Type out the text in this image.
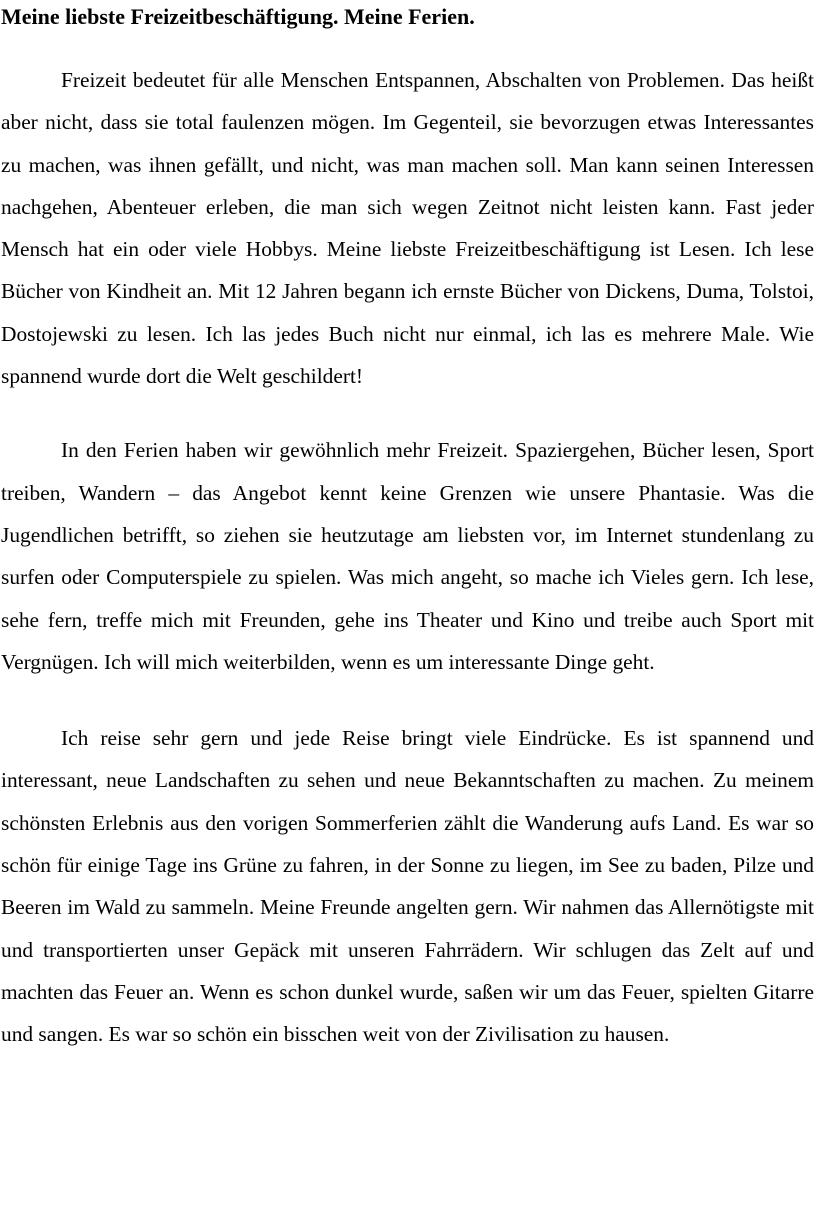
Meine liebste Freizeitbeschäftigung. Meine Ferien.

Freizeit bedeutet für alle Menschen Entspannen, Abschalten von Problemen. Das heißt aber nicht, dass sie total faulenzen mögen. Im Gegenteil, sie bevorzugen etwas Interessantes zu machen, was ihnen gefällt, und nicht, was man machen soll. Man kann seinen Interessen nachgehen, Abenteuer erleben, die man sich wegen Zeitnot nicht leisten kann. Fast jeder Mensch hat ein oder viele Hobbys. Meine liebste Freizeitbeschäftigung ist Lesen. Ich lese Bücher von Kindheit an. Mit 12 Jahren begann ich ernste Bücher von Dickens, Duma, Tolstoi, Dostojewski zu lesen. Ich las jedes Buch nicht nur einmal, ich las es mehrere Male. Wie spannend wurde dort die Welt geschildert!

In den Ferien haben wir gewöhnlich mehr Freizeit. Spaziergehen, Bücher lesen, Sport treiben, Wandern – das Angebot kennt keine Grenzen wie unsere Phantasie. Was die Jugendlichen betrifft, so ziehen sie heutzutage am liebsten vor, im Internet stundenlang zu surfen oder Computerspiele zu spielen. Was mich angeht, so mache ich Vieles gern. Ich lese, sehe fern, treffe mich mit Freunden, gehe ins Theater und Kino und treibe auch Sport mit Vergnügen. Ich will mich weiterbilden, wenn es um interessante Dinge geht.

Ich reise sehr gern und jede Reise bringt viele Eindrücke. Es ist spannend und interessant, neue Landschaften zu sehen und neue Bekanntschaften zu machen. Zu meinem schönsten Erlebnis aus den vorigen Sommerferien zählt die Wanderung aufs Land. Es war so schön für einige Tage ins Grüne zu fahren, in der Sonne zu liegen, im See zu baden, Pilze und Beeren im Wald zu sammeln. Meine Freunde angelten gern. Wir nahmen das Allernötigste mit und transportierten unser Gepäck mit unseren Fahrrädern. Wir schlugen das Zelt auf und machten das Feuer an. Wenn es schon dunkel wurde, saßen wir um das Feuer, spielten Gitarre und sangen. Es war so schön ein bisschen weit von der Zivilisation zu hausen.
